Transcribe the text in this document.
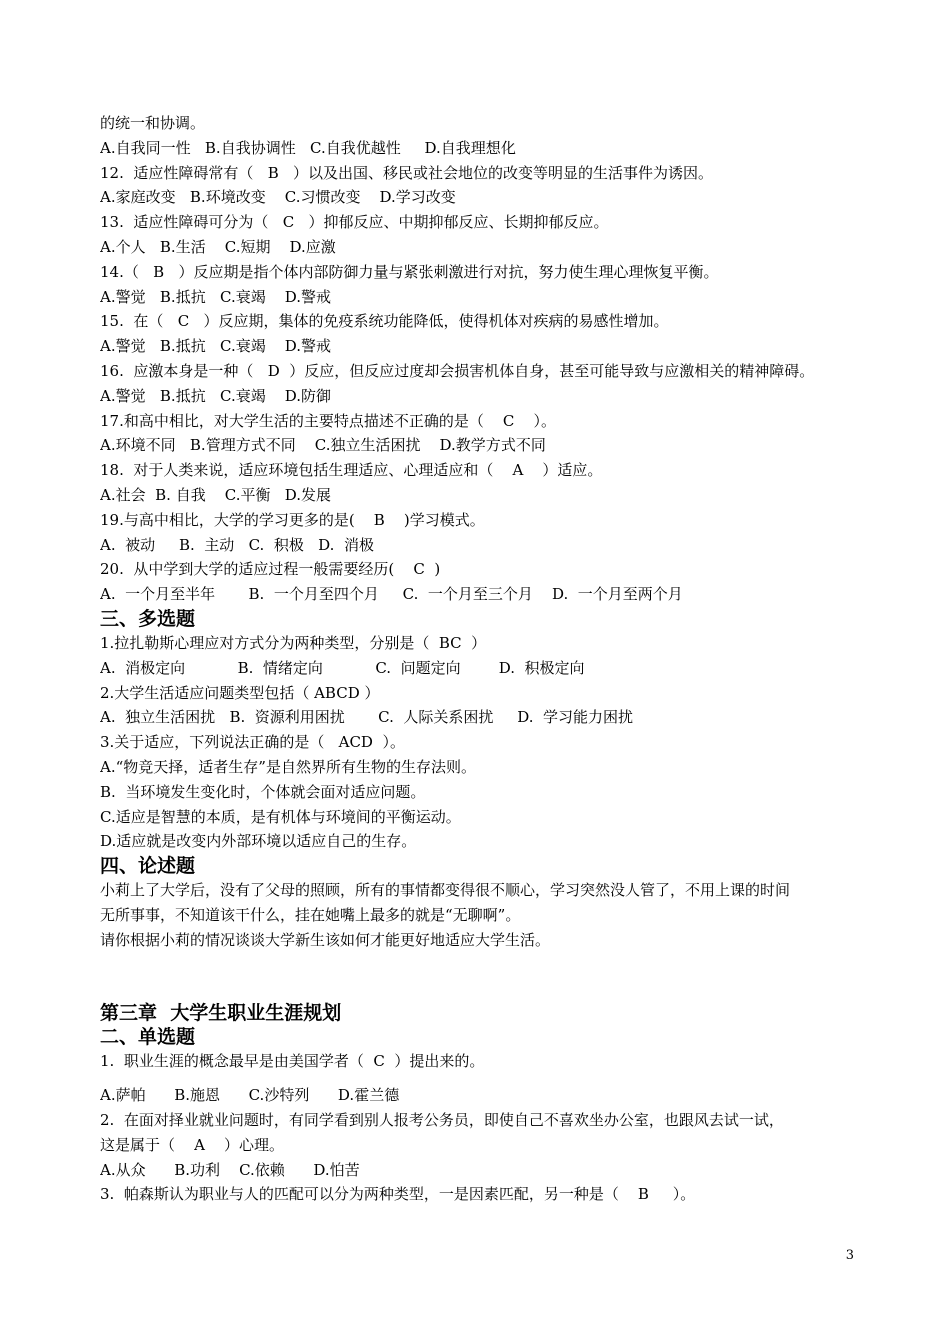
的统一和协调。
A.自我同一性   B.自我协调性   C.自我优越性     D.自我理想化
12.  适应性障碍常有（   B   ）以及出国、移民或社会地位的改变等明显的生活事件为诱因。
A.家庭改变   B.环境改变    C.习惯改变    D.学习改变
13.  适应性障碍可分为（   C   ）抑郁反应、中期抑郁反应、长期抑郁反应。
A.个人   B.生活    C.短期    D.应激
14.（   B   ）反应期是指个体内部防御力量与紧张刺激进行对抗，努力使生理心理恢复平衡。
A.警觉   B.抵抗   C.衰竭    D.警戒
15.  在（   C   ）反应期，集体的免疫系统功能降低，使得机体对疾病的易感性增加。
A.警觉   B.抵抗   C.衰竭    D.警戒
16.  应激本身是一种（   D  ）反应，但反应过度却会损害机体自身，甚至可能导致与应激相关的精神障碍。
A.警觉   B.抵抗   C.衰竭    D.防御
17.和高中相比，对大学生活的主要特点描述不正确的是（    C    ）。
A.环境不同   B.管理方式不同    C.独立生活困扰    D.教学方式不同
18.  对于人类来说，适应环境包括生理适应、心理适应和（    A    ）适应。
A.社会  B. 自我    C.平衡   D.发展
19.与高中相比，大学的学习更多的是(    B    )学习模式。
A.  被动     B.  主动   C.  积极   D.  消极
20.  从中学到大学的适应过程一般需要经历(    C  )
A.  一个月至半年       B.  一个月至四个月     C.  一个月至三个月    D.  一个月至两个月
三、多选题
1.拉扎勒斯心理应对方式分为两种类型，分别是（  BC  ）
A.  消极定向           B.  情绪定向           C.  问题定向        D.  积极定向
2.大学生活适应问题类型包括（ ABCD ）
A.  独立生活困扰   B.  资源利用困扰       C.  人际关系困扰     D.  学习能力困扰
3.关于适应，下列说法正确的是（   ACD  ）。
A.“物竞天择，适者生存”是自然界所有生物的生存法则。
B.  当环境发生变化时，个体就会面对适应问题。
C.适应是智慧的本质，是有机体与环境间的平衡运动。
D.适应就是改变内外部环境以适应自己的生存。
四、论述题
小莉上了大学后，没有了父母的照顾，所有的事情都变得很不顺心，学习突然没人管了，不用上课的时间
无所事事，不知道该干什么，挂在她嘴上最多的就是“无聊啊”。
请你根据小莉的情况谈谈大学新生该如何才能更好地适应大学生活。
第三章  大学生职业生涯规划
二、单选题
1.  职业生涯的概念最早是由美国学者（  C  ）提出来的。
A.萨帕      B.施恩      C.沙特列      D.霍兰德
2.  在面对择业就业问题时，有同学看到别人报考公务员，即使自己不喜欢坐办公室，也跟风去试一试，
这是属于（    A    ）心理。
A.从众      B.功利    C.依赖      D.怕苦
3.  帕森斯认为职业与人的匹配可以分为两种类型，一是因素匹配，另一种是（    B     ）。
3
